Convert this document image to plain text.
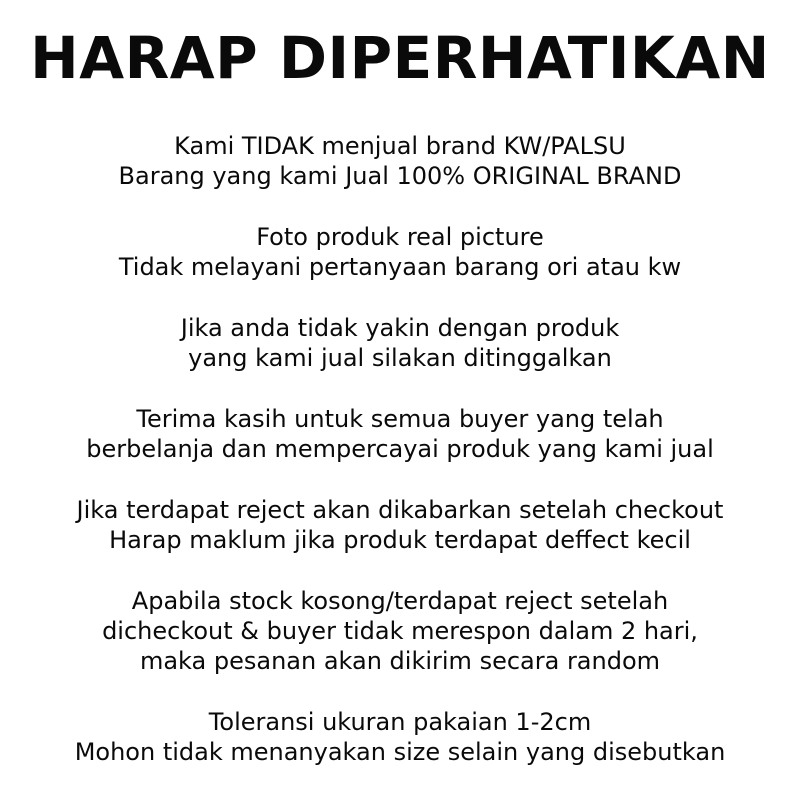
HARAP DIPERHATIKAN

Kami TIDAK menjual brand KW/PALSU
Barang yang kami Jual 100% ORIGINAL BRAND

Foto produk real picture
Tidak melayani pertanyaan barang ori atau kw

Jika anda tidak yakin dengan produk
yang kami jual silakan ditinggalkan

Terima kasih untuk semua buyer yang telah
berbelanja dan mempercayai produk yang kami jual

Jika terdapat reject akan dikabarkan setelah checkout
Harap maklum jika produk terdapat deffect kecil

Apabila stock kosong/terdapat reject setelah
dicheckout & buyer tidak merespon dalam 2 hari,
maka pesanan akan dikirim secara random

Toleransi ukuran pakaian 1-2cm
Mohon tidak menanyakan size selain yang disebutkan
